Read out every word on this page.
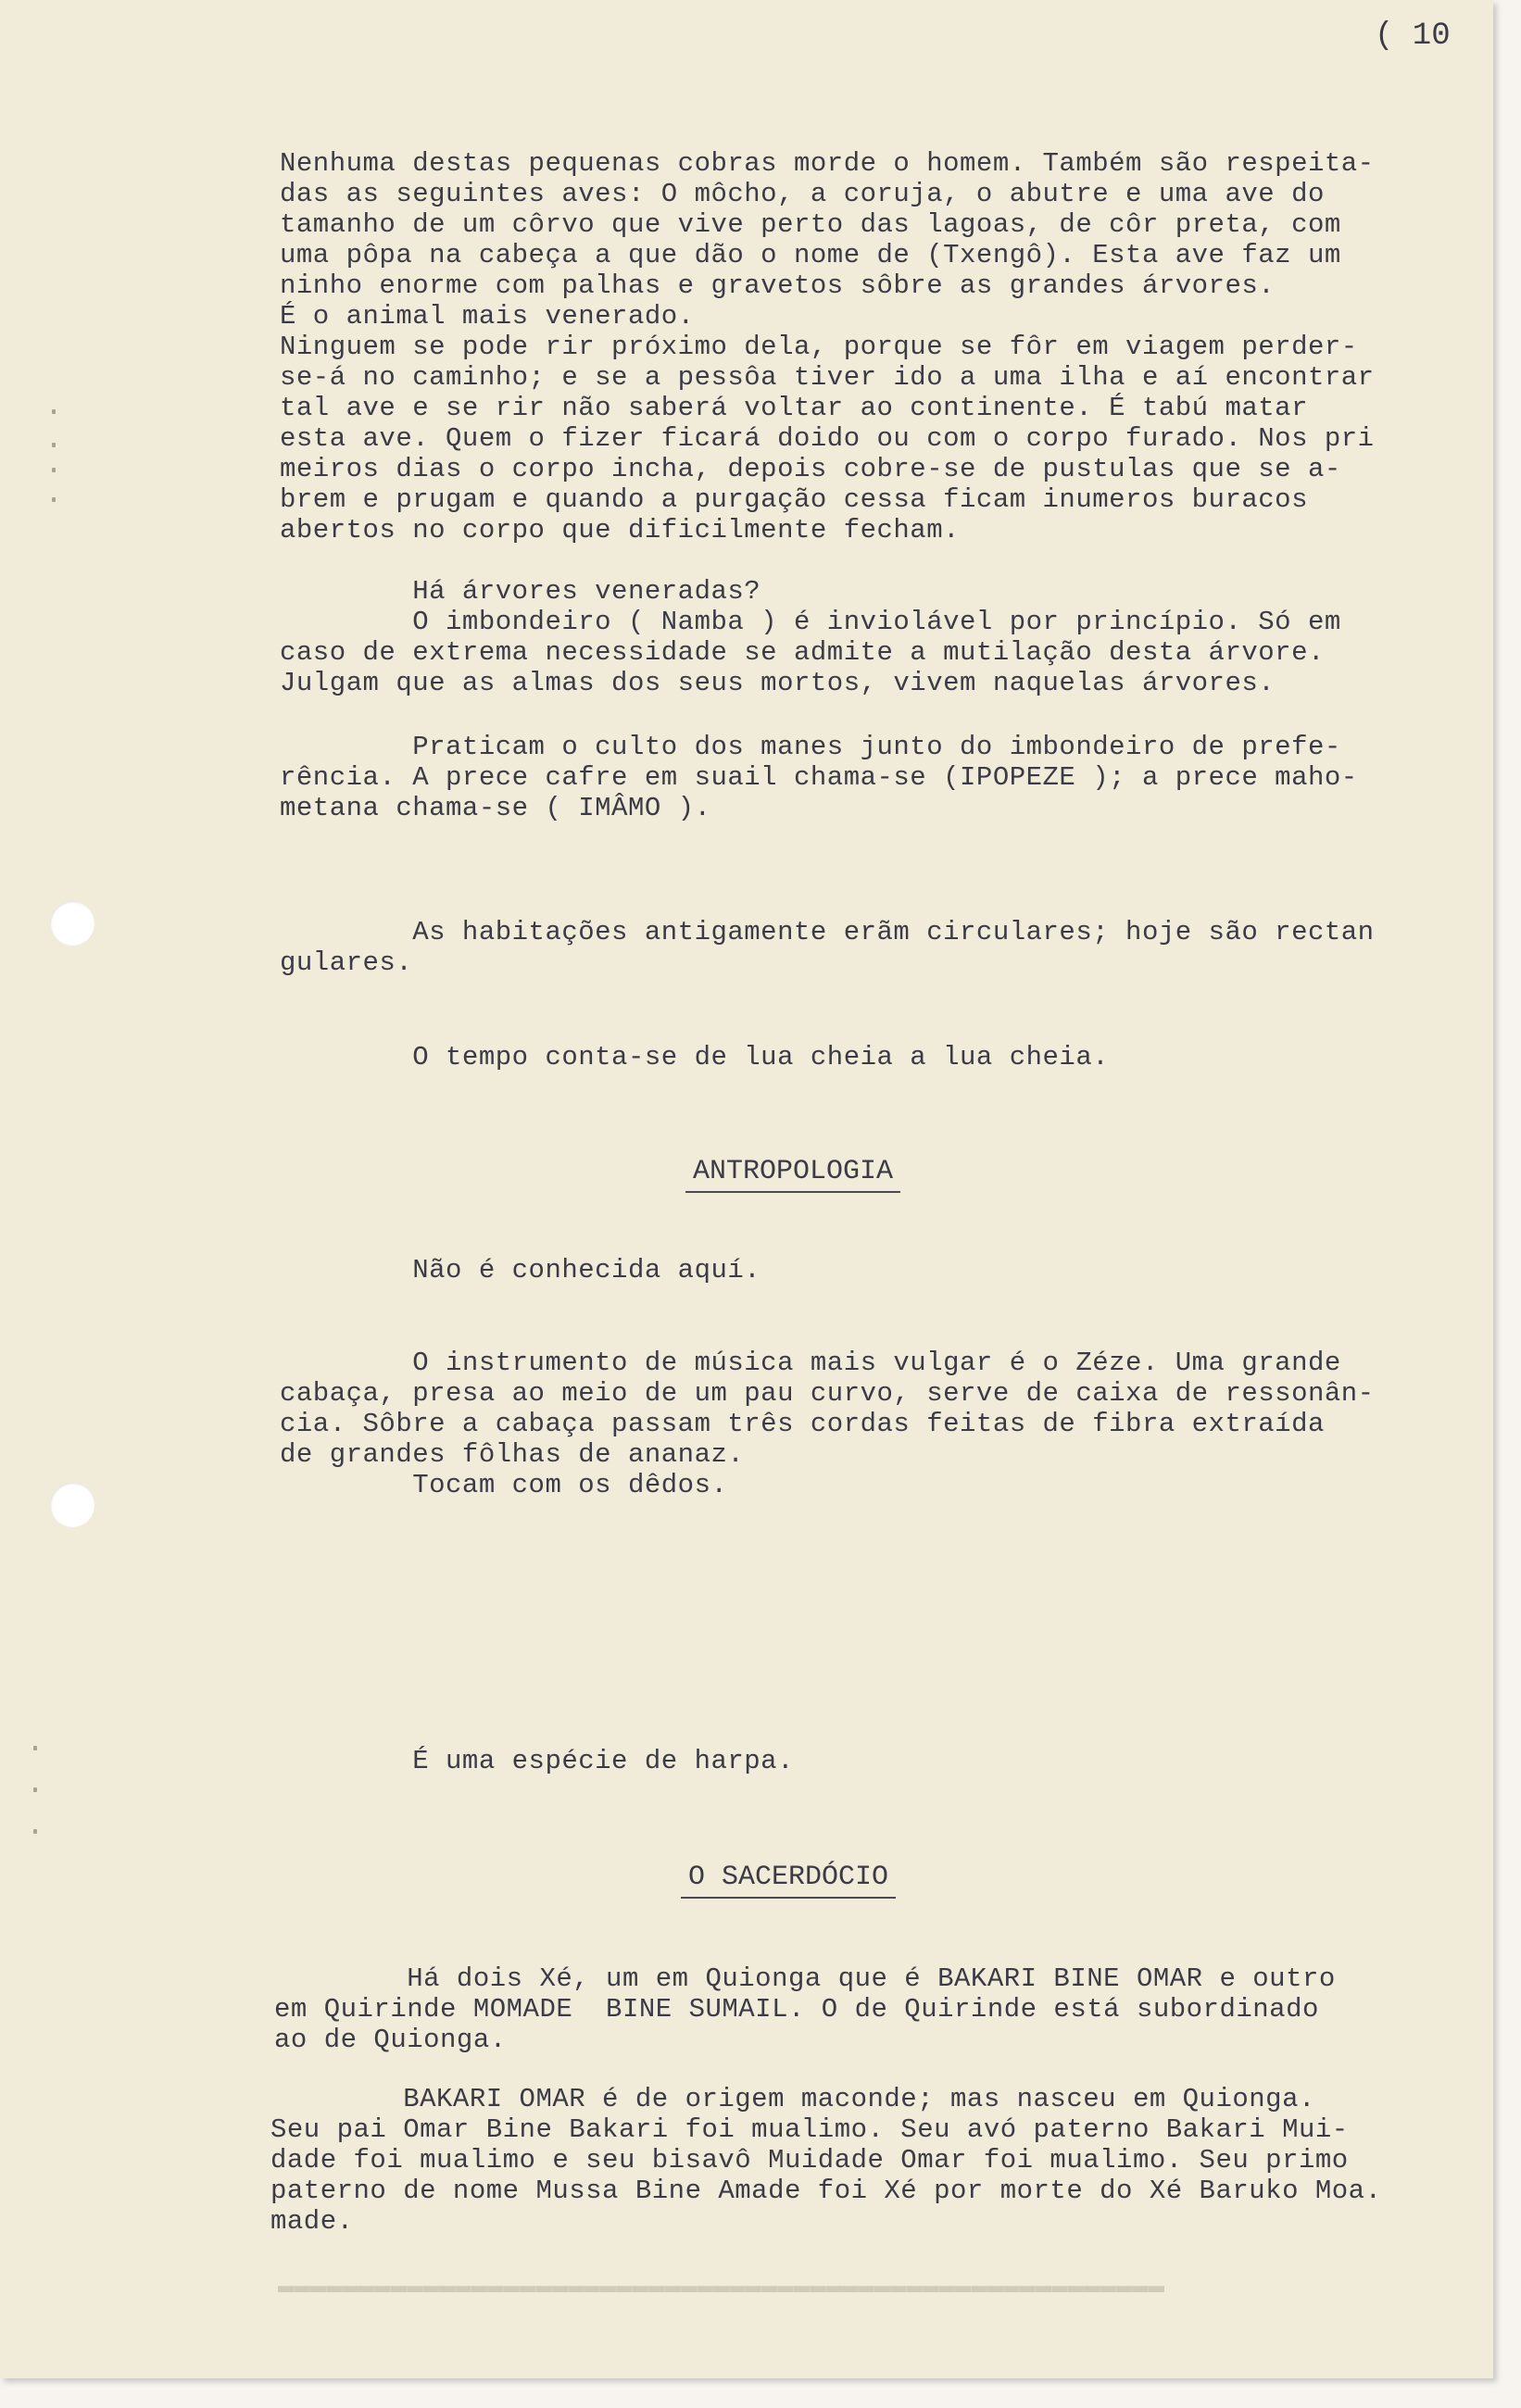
( 10
Nenhuma destas pequenas cobras morde o homem. Também são respeita-
das as seguintes aves: O môcho, a coruja, o abutre e uma ave do
tamanho de um côrvo que vive perto das lagoas, de côr preta, com
uma pôpa na cabeça a que dão o nome de (Txengô). Esta ave faz um
ninho enorme com palhas e gravetos sôbre as grandes árvores.
É o animal mais venerado.
Ninguem se pode rir próximo dela, porque se fôr em viagem perder-
se-á no caminho; e se a pessôa tiver ido a uma ilha e aí encontrar
tal ave e se rir não saberá voltar ao continente. É tabú matar
esta ave. Quem o fizer ficará doido ou com o corpo furado. Nos pri
meiros dias o corpo incha, depois cobre-se de pustulas que se a-
brem e prugam e quando a purgação cessa ficam inumeros buracos
abertos no corpo que dificilmente fecham.
Há árvores veneradas?
O imbondeiro ( Namba ) é inviolável por princípio. Só em
caso de extrema necessidade se admite a mutilação desta árvore.
Julgam que as almas dos seus mortos, vivem naquelas árvores.
Praticam o culto dos manes junto do imbondeiro de prefe-
rência. A prece cafre em suail chama-se (IPOPEZE ); a prece maho-
metana chama-se ( IMÂMO ).
As habitações antigamente erãm circulares; hoje são rectan
gulares.
O tempo conta-se de lua cheia a lua cheia.
ANTROPOLOGIA
Não é conhecida aquí.
O instrumento de música mais vulgar é o Zéze. Uma grande
cabaça, presa ao meio de um pau curvo, serve de caixa de ressonân-
cia. Sôbre a cabaça passam três cordas feitas de fibra extraída
de grandes fôlhas de ananaz.
Tocam com os dêdos.
É uma espécie de harpa.
O SACERDÓCIO
Há dois Xé, um em Quionga que é BAKARI BINE OMAR e outro
em Quirinde MOMADE  BINE SUMAIL. O de Quirinde está subordinado
ao de Quionga.
BAKARI OMAR é de origem maconde; mas nasceu em Quionga.
Seu pai Omar Bine Bakari foi mualimo. Seu avó paterno Bakari Mui-
dade foi mualimo e seu bisavô Muidade Omar foi mualimo. Seu primo
paterno de nome Mussa Bine Amade foi Xé por morte do Xé Baruko Moa.
made.
▬▬▬▬▬▬▬▬▬▬▬▬▬▬▬▬▬▬▬▬▬▬▬▬▬▬▬▬▬▬▬▬▬▬▬▬▬▬▬▬▬▬▬▬▬▬▬▬▬▬▬▬▬▬▬
